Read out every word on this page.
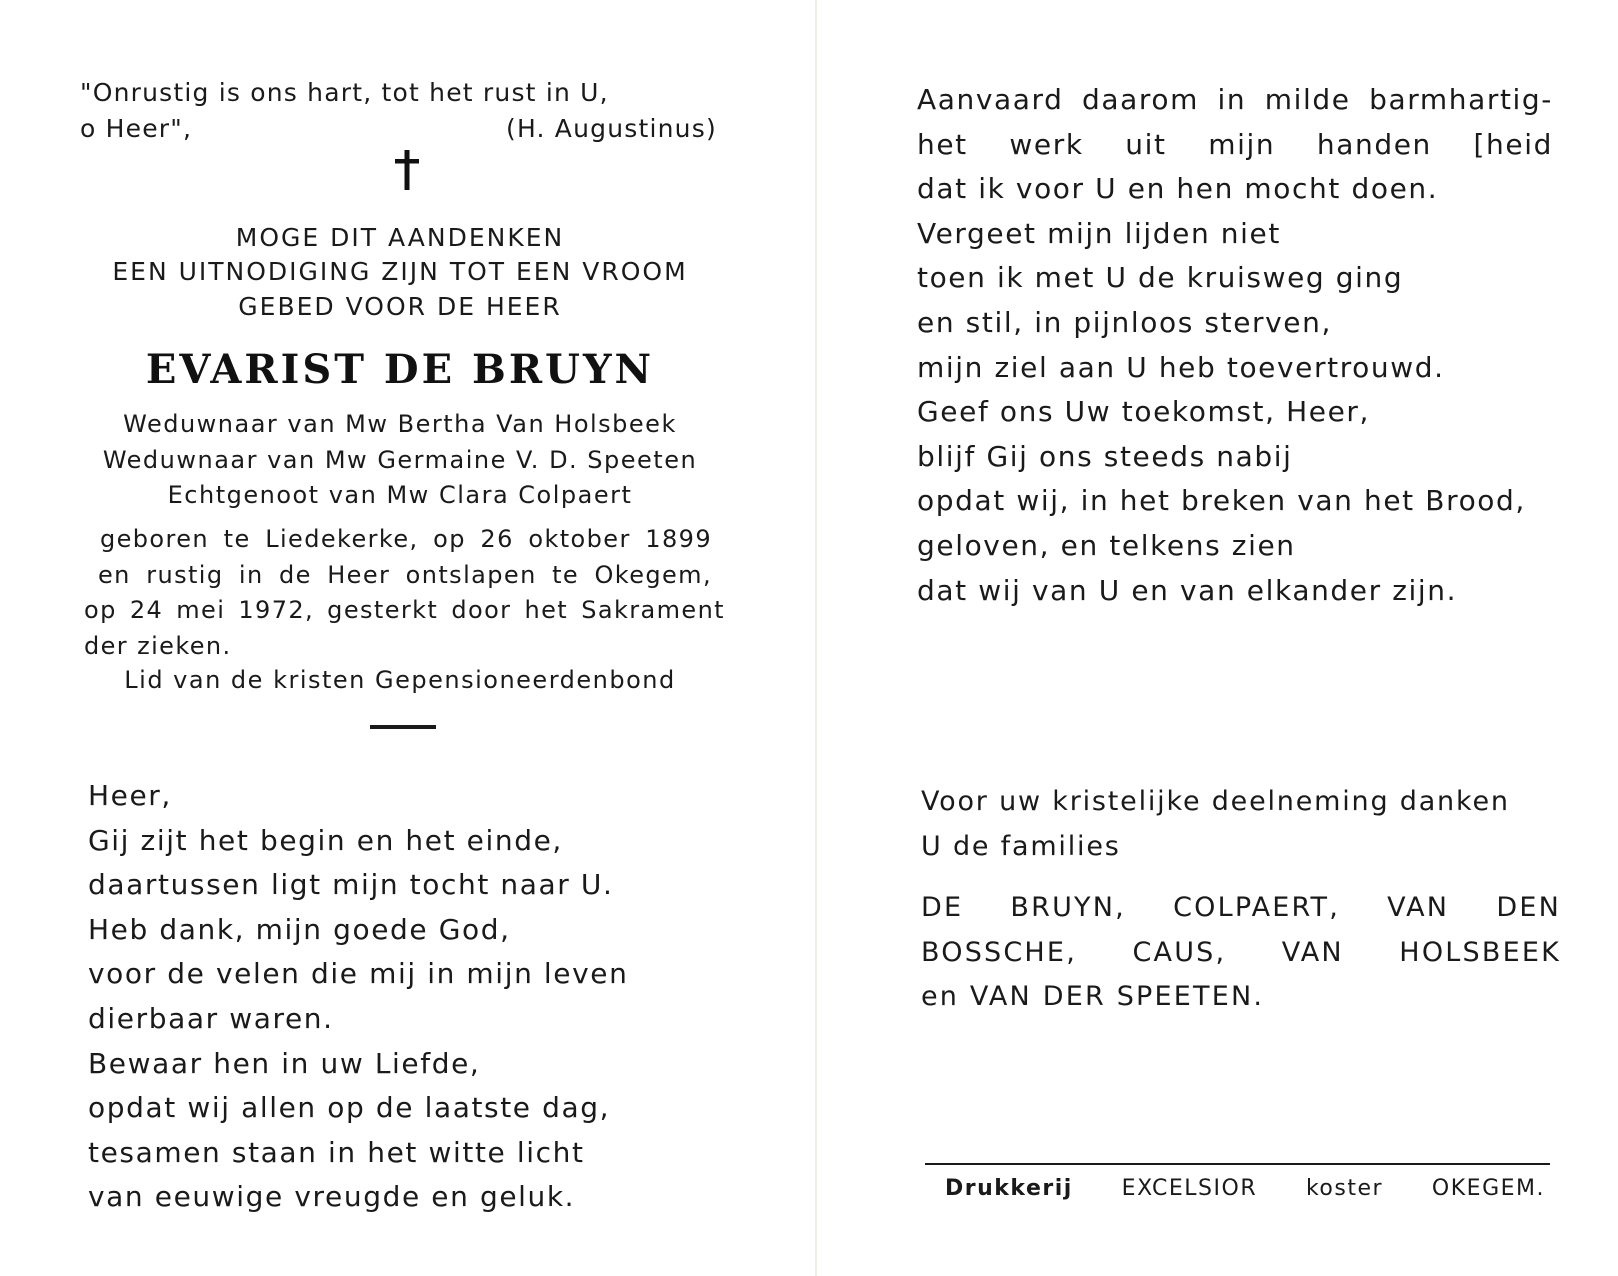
"Onrustig is ons hart, tot het rust in U,
o Heer",	(H. Augustinus)
MOGE DIT AANDENKEN
EEN UITNODIGING ZIJN TOT EEN VROOM
GEBED VOOR DE HEER
EVARIST DE BRUYN
Weduwnaar van Mw Bertha Van Holsbeek
Weduwnaar van Mw Germaine V. D. Speeten
Echtgenoot van Mw Clara Colpaert
geboren te Liedekerke, op 26 oktober 1899
en rustig in de Heer ontslapen te Okegem,
op 24 mei 1972, gesterkt door het Sakrament
der zieken.
Lid van de kristen Gepensioneerdenbond
Heer,
Gij zijt het begin en het einde,
daartussen ligt mijn tocht naar U.
Heb dank, mijn goede God,
voor de velen die mij in mijn leven
dierbaar waren.
Bewaar hen in uw Liefde,
opdat wij allen op de laatste dag,
tesamen staan in het witte licht
van eeuwige vreugde en geluk.
Aanvaard daarom in milde barmhartig-
het werk uit mijn handen [heid
dat ik voor U en hen mocht doen.
Vergeet mijn lijden niet
toen ik met U de kruisweg ging
en stil, in pijnloos sterven,
mijn ziel aan U heb toevertrouwd.
Geef ons Uw toekomst, Heer,
blijf Gij ons steeds nabij
opdat wij, in het breken van het Brood,
geloven, en telkens zien
dat wij van U en van elkander zijn.
Voor uw kristelijke deelneming danken
U de families
DE BRUYN, COLPAERT, VAN DEN
BOSSCHE, CAUS, VAN HOLSBEEK
en VAN DER SPEETEN.
Drukkerij EXCELSIOR koster OKEGEM.
